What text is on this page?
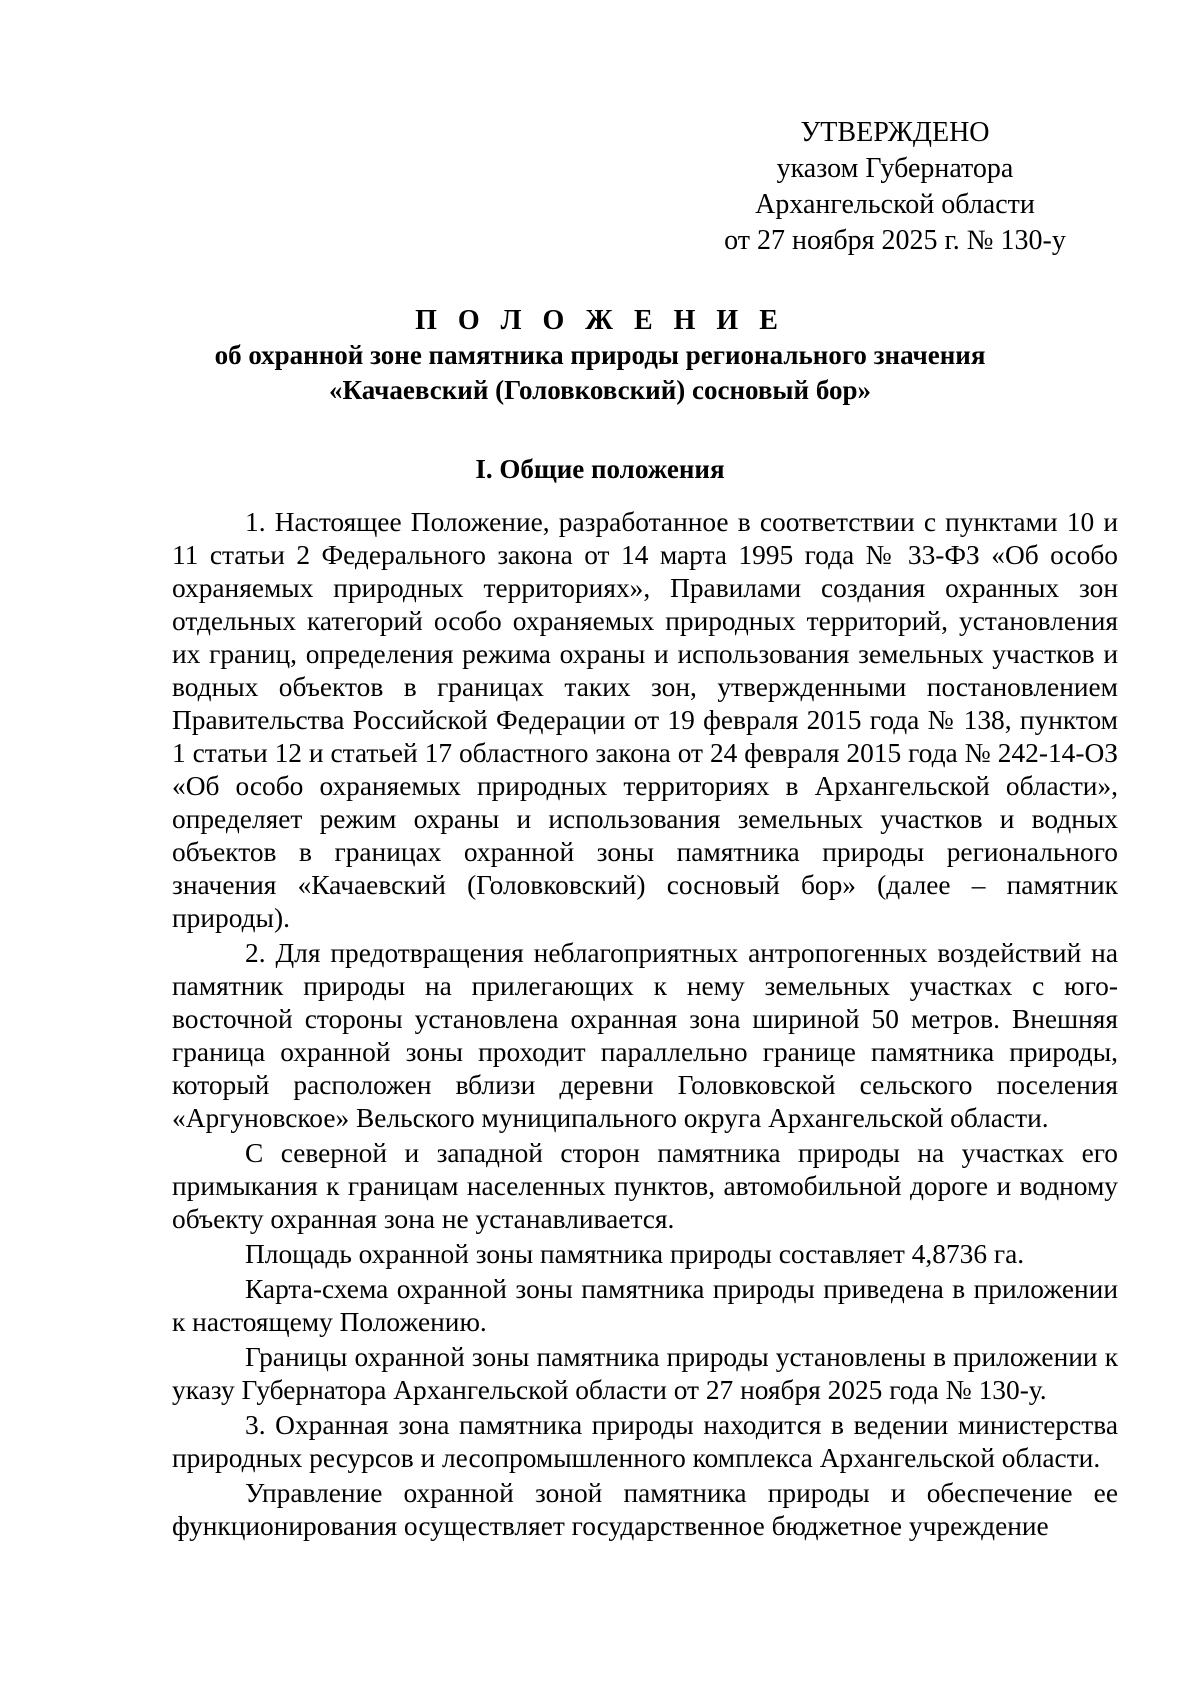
УТВЕРЖДЕНО
указом Губернатора
Архангельской области
от 27 ноября 2025 г. № 130-у
П О Л О Ж Е Н И Е
об охранной зоне памятника природы регионального значения
«Качаевский (Головковский) сосновый бор»
I. Общие положения

1. Настоящее Положение, разработанное в соответствии с пунктами 10 и 11 статьи 2 Федерального закона от 14 марта 1995 года № 33-ФЗ «Об особо охраняемых природных территориях», Правилами создания охранных зон отдельных категорий особо охраняемых природных территорий, установления их границ, определения режима охраны и использования земельных участков и водных объектов в границах таких зон, утвержденными постановлением Правительства Российской Федерации от 19 февраля 2015 года № 138, пунктом 1 статьи 12 и статьей 17 областного закона от 24 февраля 2015 года № 242-14-ОЗ «Об особо охраняемых природных территориях в Архангельской области», определяет режим охраны и использования земельных участков и водных объектов в границах охранной зоны памятника природы регионального значения «Качаевский (Головковский) сосновый бор» (далее – памятник природы).

2. Для предотвращения неблагоприятных антропогенных воздействий на памятник природы на прилегающих к нему земельных участках с юго-восточной стороны установлена охранная зона шириной 50 метров. Внешняя граница охранной зоны проходит параллельно границе памятника природы, который расположен вблизи деревни Головковской сельского поселения «Аргуновское» Вельского муниципального округа Архангельской области.

С северной и западной сторон памятника природы на участках его примыкания к границам населенных пунктов, автомобильной дороге и водному объекту охранная зона не устанавливается.

Площадь охранной зоны памятника природы составляет 4,8736 га.

Карта-схема охранной зоны памятника природы приведена в приложении к настоящему Положению.

Границы охранной зоны памятника природы установлены в приложении к указу Губернатора Архангельской области от 27 ноября 2025 года № 130-у.

3. Охранная зона памятника природы находится в ведении министерства природных ресурсов и лесопромышленного комплекса Архангельской области.

Управление охранной зоной памятника природы и обеспечение ее функционирования осуществляет государственное бюджетное учреждение
